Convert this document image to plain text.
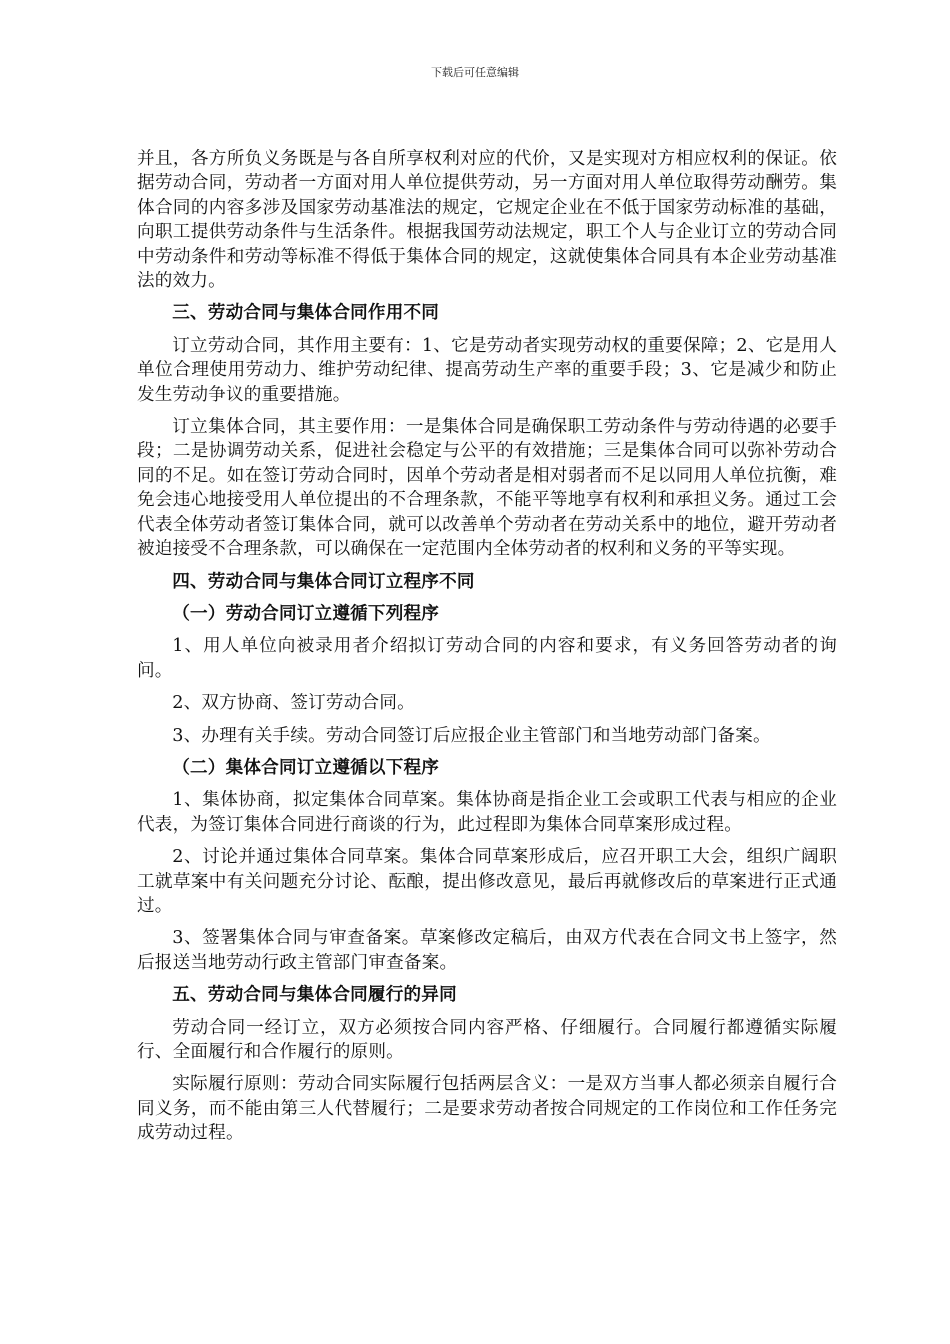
下载后可任意编辑

并且，各方所负义务既是与各自所享权利对应的代价，又是实现对方相应权利的保证。依据劳动合同，劳动者一方面对用人单位提供劳动，另一方面对用人单位取得劳动酬劳。集体合同的内容多涉及国家劳动基准法的规定，它规定企业在不低于国家劳动标准的基础，向职工提供劳动条件与生活条件。根据我国劳动法规定，职工个人与企业订立的劳动合同中劳动条件和劳动等标准不得低于集体合同的规定，这就使集体合同具有本企业劳动基准法的效力。

三、劳动合同与集体合同作用不同

订立劳动合同，其作用主要有：1、它是劳动者实现劳动权的重要保障；2、它是用人单位合理使用劳动力、维护劳动纪律、提高劳动生产率的重要手段；3、它是减少和防止发生劳动争议的重要措施。

订立集体合同，其主要作用：一是集体合同是确保职工劳动条件与劳动待遇的必要手段；二是协调劳动关系，促进社会稳定与公平的有效措施；三是集体合同可以弥补劳动合同的不足。如在签订劳动合同时，因单个劳动者是相对弱者而不足以同用人单位抗衡，难免会违心地接受用人单位提出的不合理条款，不能平等地享有权利和承担义务。通过工会代表全体劳动者签订集体合同，就可以改善单个劳动者在劳动关系中的地位，避开劳动者被迫接受不合理条款，可以确保在一定范围内全体劳动者的权利和义务的平等实现。

四、劳动合同与集体合同订立程序不同

（一）劳动合同订立遵循下列程序

1、用人单位向被录用者介绍拟订劳动合同的内容和要求，有义务回答劳动者的询问。

2、双方协商、签订劳动合同。

3、办理有关手续。劳动合同签订后应报企业主管部门和当地劳动部门备案。

（二）集体合同订立遵循以下程序

1、集体协商，拟定集体合同草案。集体协商是指企业工会或职工代表与相应的企业代表，为签订集体合同进行商谈的行为，此过程即为集体合同草案形成过程。

2、讨论并通过集体合同草案。集体合同草案形成后，应召开职工大会，组织广阔职工就草案中有关问题充分讨论、酝酿，提出修改意见，最后再就修改后的草案进行正式通过。

3、签署集体合同与审查备案。草案修改定稿后，由双方代表在合同文书上签字，然后报送当地劳动行政主管部门审查备案。

五、劳动合同与集体合同履行的异同

劳动合同一经订立，双方必须按合同内容严格、仔细履行。合同履行都遵循实际履行、全面履行和合作履行的原则。

实际履行原则：劳动合同实际履行包括两层含义：一是双方当事人都必须亲自履行合同义务，而不能由第三人代替履行；二是要求劳动者按合同规定的工作岗位和工作任务完成劳动过程。
